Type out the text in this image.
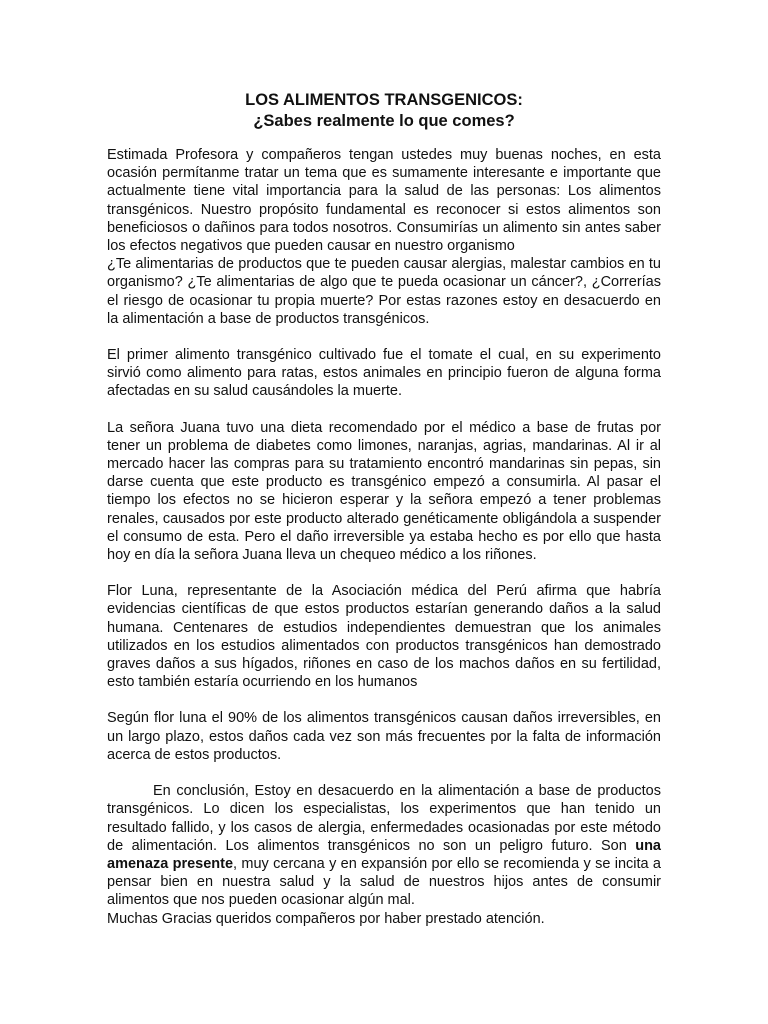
LOS ALIMENTOS TRANSGENICOS:

¿Sabes realmente lo que comes?

Estimada Profesora y compañeros tengan ustedes muy buenas noches, en esta ocasión permítanme tratar un tema que es sumamente interesante e importante que actualmente tiene vital importancia para la salud de las personas: Los alimentos transgénicos. Nuestro propósito fundamental es reconocer si estos alimentos son beneficiosos o dañinos para todos nosotros. Consumirías un alimento sin antes saber los efectos negativos que pueden causar en nuestro organismo

¿Te alimentarias de productos que te pueden causar alergias, malestar cambios en tu organismo? ¿Te alimentarias de algo que te pueda ocasionar un cáncer?, ¿Correrías el riesgo de ocasionar tu propia muerte? Por estas razones estoy en desacuerdo en la alimentación a base de productos transgénicos.

El primer alimento transgénico cultivado fue el tomate el cual, en su experimento sirvió como alimento para ratas, estos animales en principio fueron de alguna forma afectadas en su salud causándoles la muerte.

La señora Juana tuvo una dieta recomendado por el médico a base de frutas por tener un problema de diabetes como limones, naranjas, agrias, mandarinas. Al ir al mercado hacer las compras para su tratamiento encontró mandarinas sin pepas, sin darse cuenta que este producto es transgénico empezó a consumirla. Al pasar el tiempo los efectos no se hicieron esperar y la señora empezó a tener problemas renales, causados por este producto alterado genéticamente obligándola a suspender el consumo de esta. Pero el daño irreversible ya estaba hecho es por ello que hasta hoy en día la señora Juana lleva un chequeo médico a los riñones.

Flor Luna, representante de la Asociación médica del Perú afirma que habría evidencias científicas de que estos productos estarían generando daños a la salud humana. Centenares de estudios independientes demuestran que los animales utilizados en los estudios alimentados con productos transgénicos han demostrado graves daños a sus hígados, riñones en caso de los machos daños en su fertilidad, esto también estaría ocurriendo en los humanos

Según flor luna el 90% de los alimentos transgénicos causan daños irreversibles, en un largo plazo, estos daños cada vez son más frecuentes por la falta de información acerca de estos productos.

En conclusión, Estoy en desacuerdo en la alimentación a base de productos transgénicos. Lo dicen los especialistas, los experimentos que han tenido un resultado fallido, y los casos de alergia, enfermedades ocasionadas por este método de alimentación. Los alimentos transgénicos no son un peligro futuro. Son una amenaza presente, muy cercana y en expansión por ello se recomienda y se incita a pensar bien en nuestra salud y la salud de nuestros hijos antes de consumir alimentos que nos pueden ocasionar algún mal.

Muchas Gracias queridos compañeros por haber prestado atención.
